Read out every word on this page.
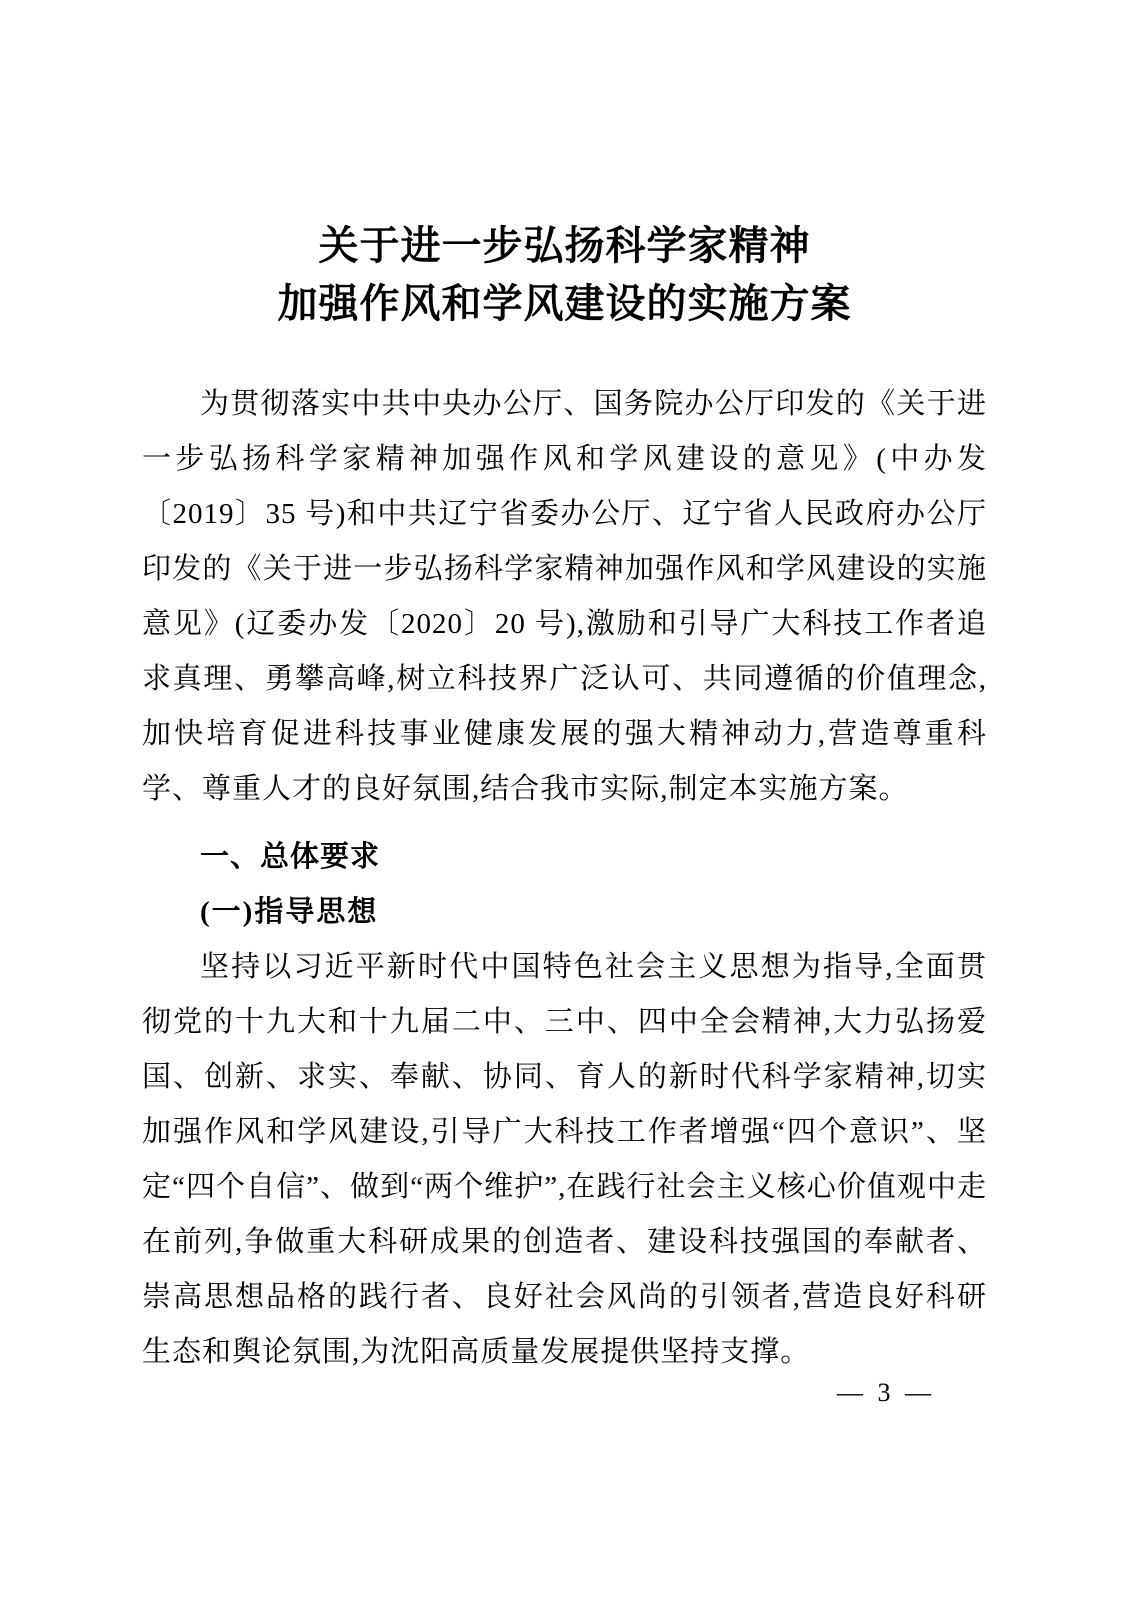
关于进一步弘扬科学家精神
加强作风和学风建设的实施方案

为贯彻落实中共中央办公厅、国务院办公厅印发的《关于进一步弘扬科学家精神加强作风和学风建设的意见》(中办发〔2019〕35 号)和中共辽宁省委办公厅、辽宁省人民政府办公厅印发的《关于进一步弘扬科学家精神加强作风和学风建设的实施意见》(辽委办发〔2020〕20 号),激励和引导广大科技工作者追求真理、勇攀高峰,树立科技界广泛认可、共同遵循的价值理念,加快培育促进科技事业健康发展的强大精神动力,营造尊重科学、尊重人才的良好氛围,结合我市实际,制定本实施方案。

一、总体要求
(一)指导思想

坚持以习近平新时代中国特色社会主义思想为指导,全面贯彻党的十九大和十九届二中、三中、四中全会精神,大力弘扬爱国、创新、求实、奉献、协同、育人的新时代科学家精神,切实加强作风和学风建设,引导广大科技工作者增强“四个意识”、坚定“四个自信”、做到“两个维护”,在践行社会主义核心价值观中走在前列,争做重大科研成果的创造者、建设科技强国的奉献者、崇高思想品格的践行者、良好社会风尚的引领者,营造良好科研生态和舆论氛围,为沈阳高质量发展提供坚持支撑。

— 3 —
